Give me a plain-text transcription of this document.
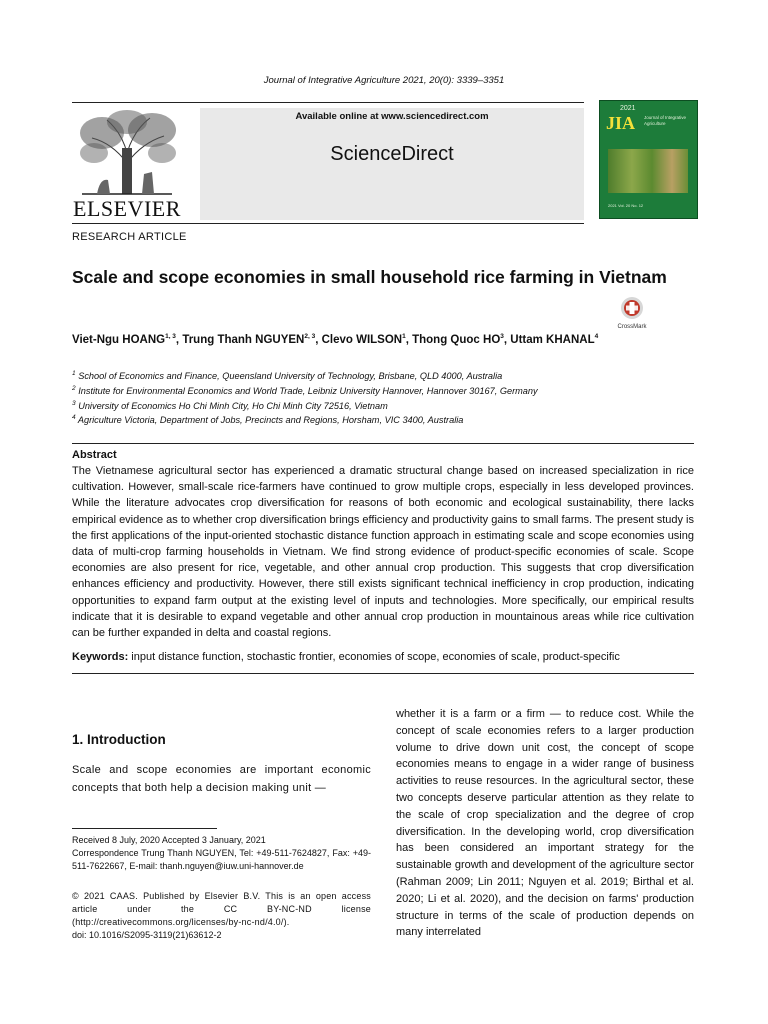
Journal of Integrative Agriculture 2021, 20(0): 3339–3351
ELSEVIER
Available online at www.sciencedirect.com
ScienceDirect
2021
JIA Journal of Integrative Agriculture
2021 Vol. 20 No. 12
RESEARCH ARTICLE
Scale and scope economies in small household rice farming in Vietnam
CrossMark
Viet-Ngu HOANG$^{1, 3}$, Trung Thanh NGUYEN$^{2, 3}$, Clevo WILSON$^1$, Thong Quoc $HO^3$, Uttam KHANAL$^4$
$^1$ School of Economics and Finance, Queensland University of Technology, Brisbane, QLD 4000, Australia
$^2$ Institute for Environmental Economics and World Trade, Leibniz University Hannover, Hannover 30167, Germany
$^3$ University of Economics Ho Chi Minh City, Ho Chi Minh City 72516, Vietnam
$^4$ Agriculture Victoria, Department of Jobs, Precincts and Regions, Horsham, VIC 3400, Australia
Abstract
The Vietnamese agricultural sector has experienced a dramatic structural change based on increased specialization in rice cultivation. However, small-scale rice-farmers have continued to grow multiple crops, especially in less developed provinces. While the literature advocates crop diversification for reasons of both economic and ecological sustainability, there lacks empirical evidence as to whether crop diversification brings efficiency and productivity gains to small farms. The present study is the first applications of the input-oriented stochastic distance function approach in estimating scale and scope economies using data of multi-crop farming households in Vietnam. We find strong evidence of product-specific economies of scale. Scope economies are also present for rice, vegetable, and other annual crop production. This suggests that crop diversification enhances efficiency and productivity. However, there still exists significant technical inefficiency in crop production, indicating opportunities to expand farm output at the existing level of inputs and technologies. More specifically, our empirical results indicate that it is desirable to expand vegetable and other annual crop production in mountainous areas while rice cultivation can be further expanded in delta and coastal regions.
Keywords: input distance function, stochastic frontier, economies of scope, economies of scale, product-specific
1. Introduction
Scale and scope economies are important economic concepts that both help a decision making unit —
Received 8 July, 2020 Accepted 3 January, 2021
Correspondence Trung Thanh NGUYEN, Tel: +49-511-7624827, Fax: +49-511-7622667, E-mail: thanh.nguyen@iuw.uni-hannover.de
© 2021 CAAS. Published by Elsevier B.V. This is an open access article under the CC BY-NC-ND license (http://creativecommons.org/licenses/by-nc-nd/4.0/).
doi: 10.1016/S2095-3119(21)63612-2
whether it is a farm or a firm — to reduce cost. While the concept of scale economies refers to a larger production volume to drive down unit cost, the concept of scope economies means to engage in a wider range of business activities to reuse resources. In the agricultural sector, these two concepts deserve particular attention as they relate to the scale of crop specialization and the degree of crop diversification. In the developing world, crop diversification has been considered an important strategy for the sustainable growth and development of the agriculture sector (Rahman 2009; Lin 2011; Nguyen et al. 2019; Birthal et al. 2020; Li et al. 2020), and the decision on farms' production structure in terms of the scale of production depends on many interrelated
